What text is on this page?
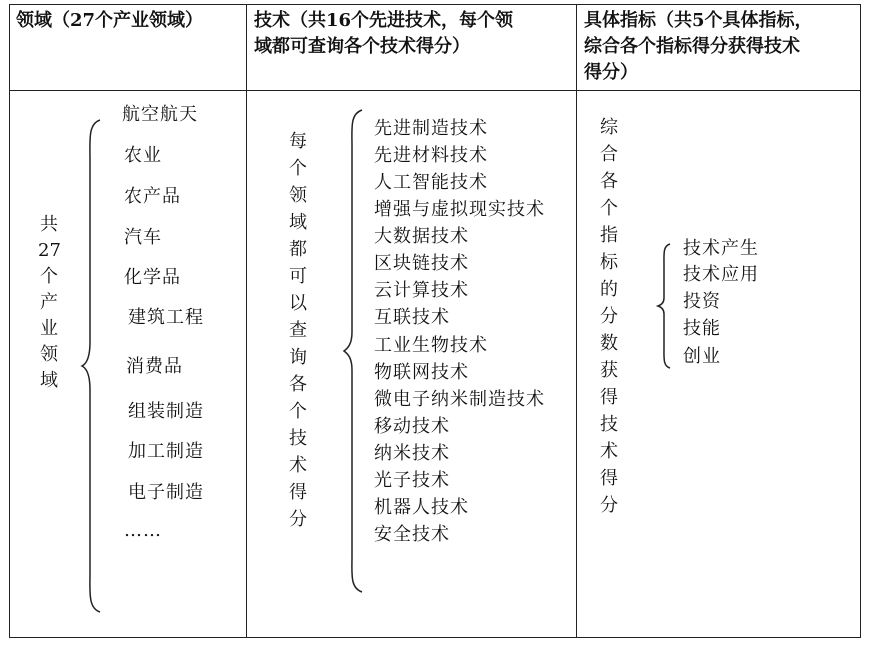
领域（27个产业领域）	技术（共16个先进技术，每个领
域都可查询各个技术得分）
具体指标（共5个具体指标，
综合各个指标得分获得技术
得分）
共
27
个
产
业
领
域
航空航天
农业
农产品
汽车
化学品
建筑工程
消费品
组装制造
加工制造
电子制造
……
每
个
领
域
都
可
以
查
询
各
个
技
术
得
分
先进制造技术
先进材料技术
人工智能技术
增强与虚拟现实技术
大数据技术
区块链技术
云计算技术
互联技术
工业生物技术
物联网技术
微电子纳米制造技术
移动技术
纳米技术
光子技术
机器人技术
安全技术
综
合
各
个
指
标
的
分
数
获
得
技
术
得
分
技术产生
技术应用
投资
技能
创业
